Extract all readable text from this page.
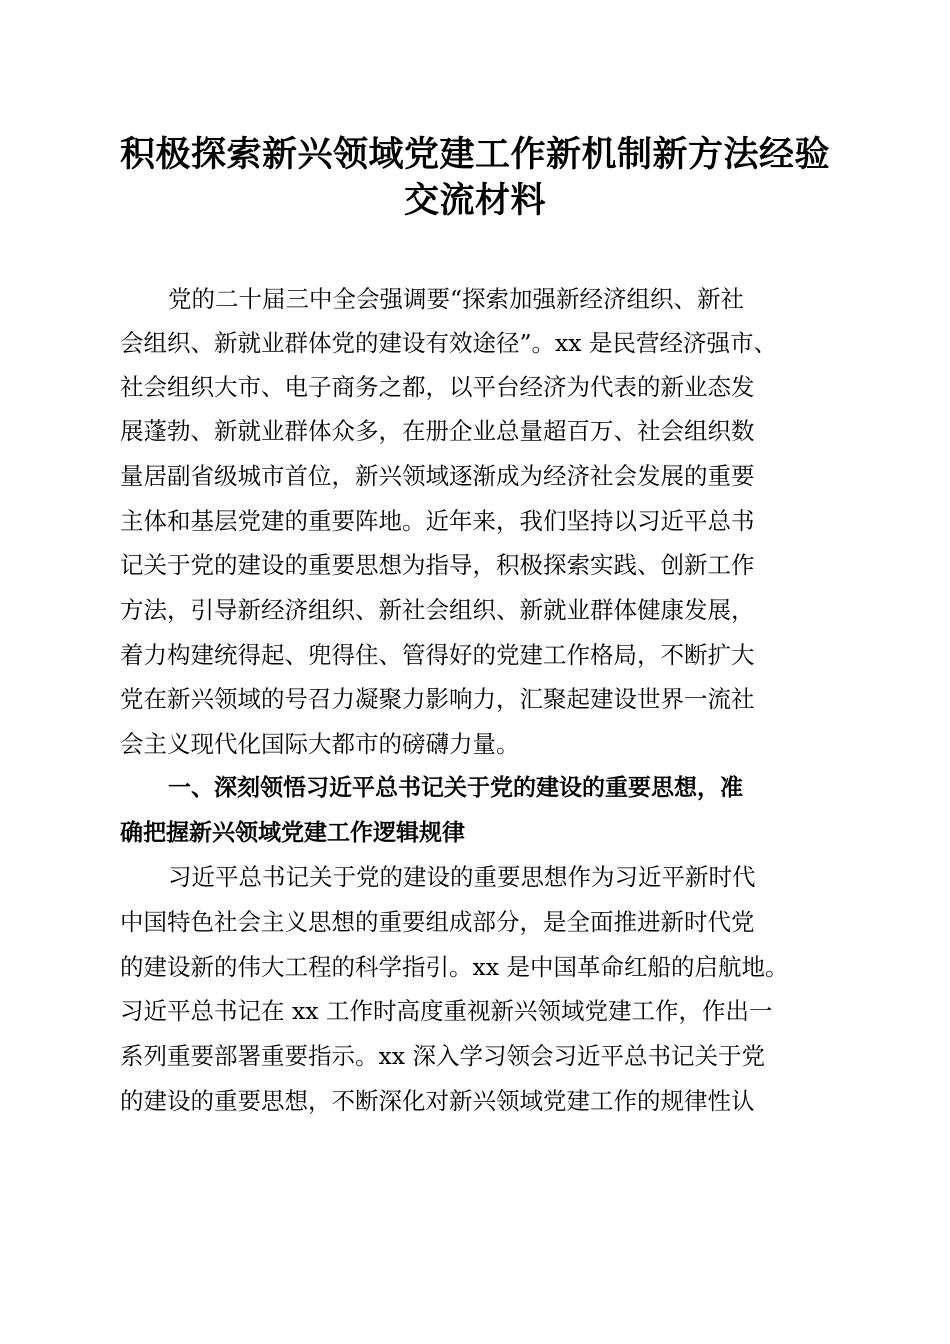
积极探索新兴领域党建工作新机制新方法经验
交流材料
党的二十届三中全会强调要“探索加强新经济组织、新社
会组织、新就业群体党的建设有效途径”。xx 是民营经济强市、
社会组织大市、电子商务之都，以平台经济为代表的新业态发
展蓬勃、新就业群体众多，在册企业总量超百万、社会组织数
量居副省级城市首位，新兴领域逐渐成为经济社会发展的重要
主体和基层党建的重要阵地。近年来，我们坚持以习近平总书
记关于党的建设的重要思想为指导，积极探索实践、创新工作
方法，引导新经济组织、新社会组织、新就业群体健康发展，
着力构建统得起、兜得住、管得好的党建工作格局，不断扩大
党在新兴领域的号召力凝聚力影响力，汇聚起建设世界一流社
会主义现代化国际大都市的磅礴力量。
一、深刻领悟习近平总书记关于党的建设的重要思想，准
确把握新兴领域党建工作逻辑规律
习近平总书记关于党的建设的重要思想作为习近平新时代
中国特色社会主义思想的重要组成部分，是全面推进新时代党
的建设新的伟大工程的科学指引。xx 是中国革命红船的启航地。
习近平总书记在 xx 工作时高度重视新兴领域党建工作，作出一
系列重要部署重要指示。xx 深入学习领会习近平总书记关于党
的建设的重要思想，不断深化对新兴领域党建工作的规律性认
